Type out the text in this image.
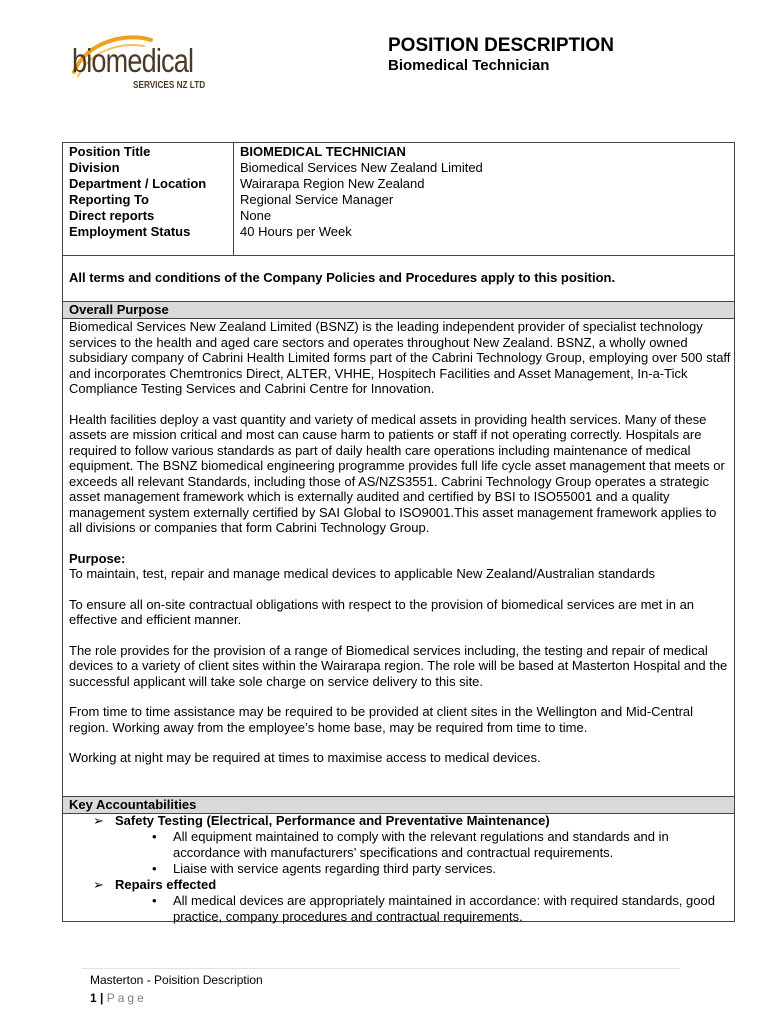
biomedical
SERVICES NZ LTD
POSITION DESCRIPTION
Biomedical Technician
Position Title	BIOMEDICAL TECHNICIAN
Division	Biomedical Services New Zealand Limited
Department / Location	Wairarapa Region New Zealand
Reporting To	Regional Service Manager
Direct reports	None
Employment Status	40 Hours per Week
All terms and conditions of the Company Policies and Procedures apply to this position.
Overall Purpose

Biomedical Services New Zealand Limited (BSNZ) is the leading independent provider of specialist technology services to the health and aged care sectors and operates throughout New Zealand. BSNZ, a wholly owned subsidiary company of Cabrini Health Limited forms part of the Cabrini Technology Group, employing over 500 staff and incorporates Chemtronics Direct, ALTER, VHHE, Hospitech Facilities and Asset Management, In-a-Tick Compliance Testing Services and Cabrini Centre for Innovation.

Health facilities deploy a vast quantity and variety of medical assets in providing health services. Many of these assets are mission critical and most can cause harm to patients or staff if not operating correctly. Hospitals are required to follow various standards as part of daily health care operations including maintenance of medical equipment. The BSNZ biomedical engineering programme provides full life cycle asset management that meets or exceeds all relevant Standards, including those of AS/NZS3551. Cabrini Technology Group operates a strategic asset management framework which is externally audited and certified by BSI to ISO55001 and a quality management system externally certified by SAI Global to ISO9001.This asset management framework applies to all divisions or companies that form Cabrini Technology Group.

Purpose:
To maintain, test, repair and manage medical devices to applicable New Zealand/Australian standards

To ensure all on-site contractual obligations with respect to the provision of biomedical services are met in an effective and efficient manner.

The role provides for the provision of a range of Biomedical services including, the testing and repair of medical devices to a variety of client sites within the Wairarapa region. The role will be based at Masterton Hospital and the successful applicant will take sole charge on service delivery to this site.

From time to time assistance may be required to be provided at client sites in the Wellington and Mid-Central region. Working away from the employee’s home base, may be required from time to time.

Working at night may be required at times to maximise access to medical devices.

Key Accountabilities
➢ Safety Testing (Electrical, Performance and Preventative Maintenance)
• All equipment maintained to comply with the relevant regulations and standards and in accordance with manufacturers’ specifications and contractual requirements.
• Liaise with service agents regarding third party services.
➢ Repairs effected
• All medical devices are appropriately maintained in accordance: with required standards, good practice, company procedures and contractual requirements.
Masterton - Poisition Description
1 | Page
